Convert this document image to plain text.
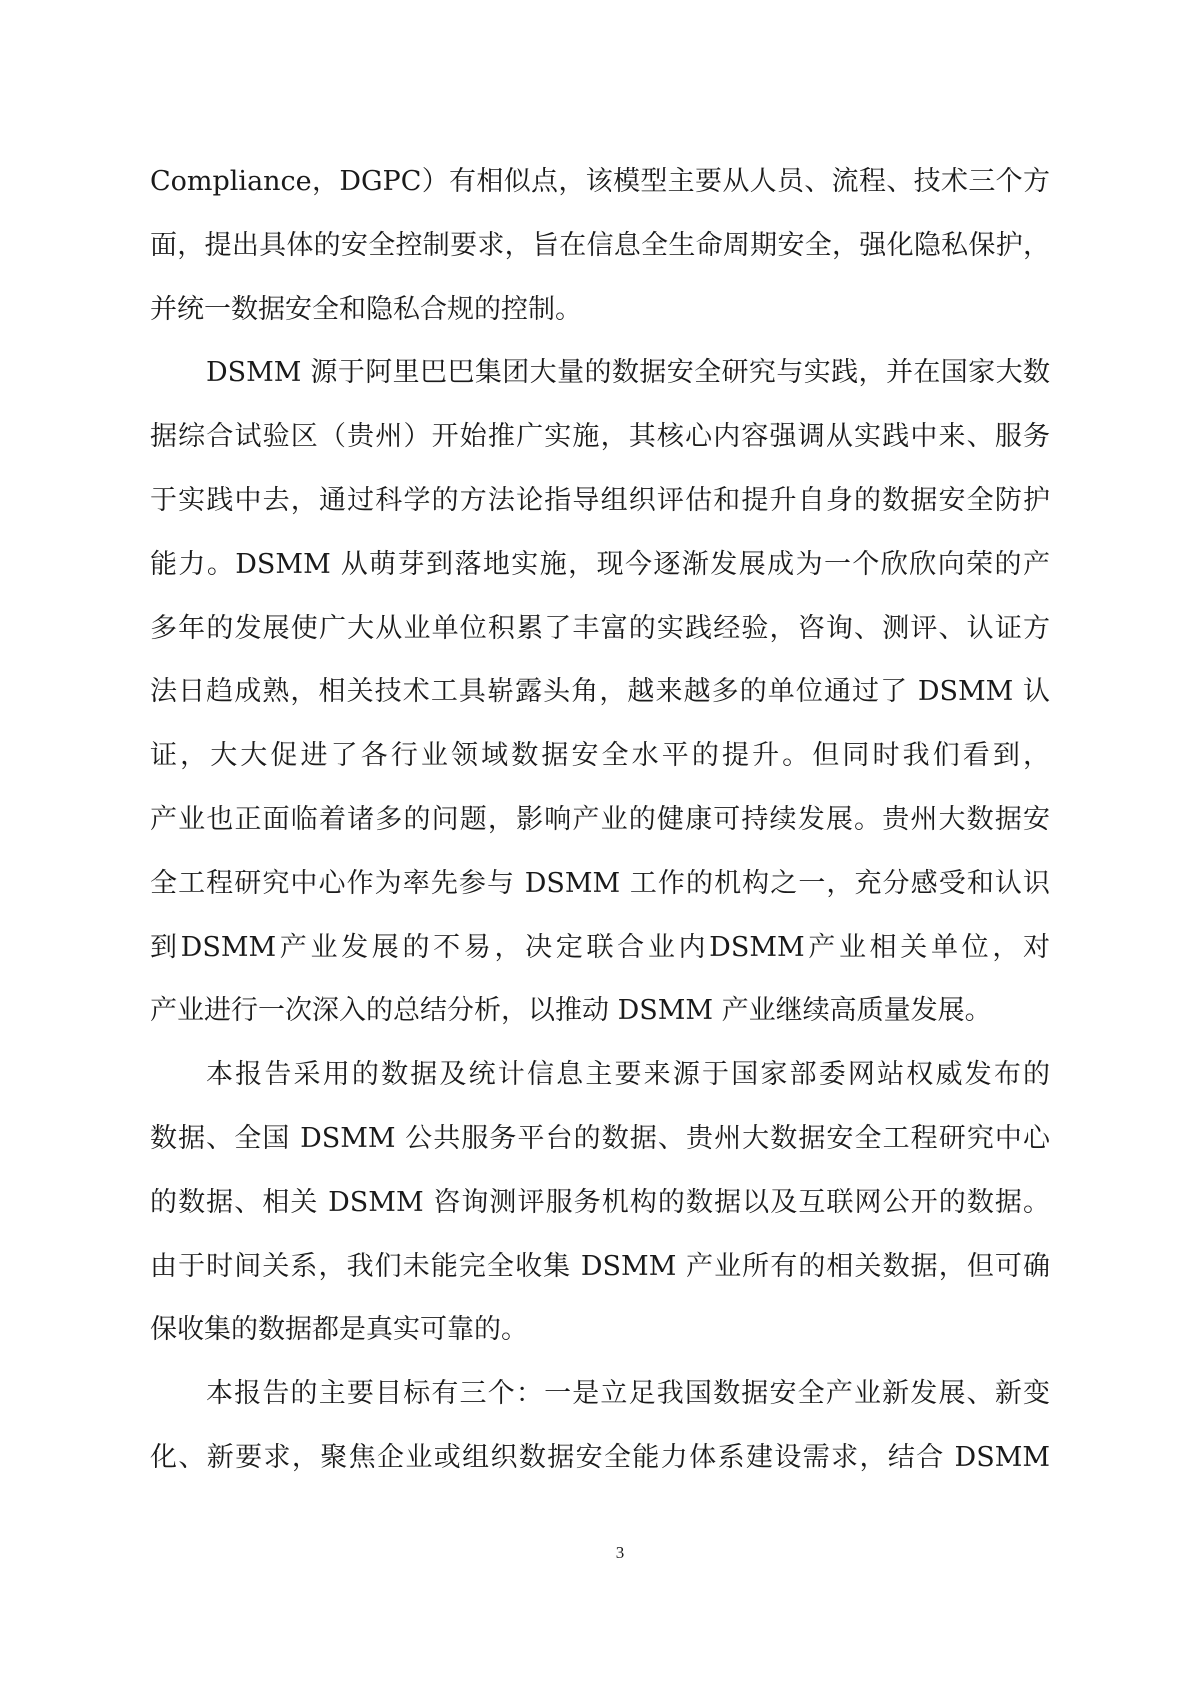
Compliance，DGPC）有相似点，该模型主要从人员、流程、技术三个方
面，提出具体的安全控制要求，旨在信息全生命周期安全，强化隐私保护，
并统一数据安全和隐私合规的控制。
DSMM 源于阿里巴巴集团大量的数据安全研究与实践，并在国家大数
据综合试验区（贵州）开始推广实施，其核心内容强调从实践中来、服务
于实践中去，通过科学的方法论指导组织评估和提升自身的数据安全防护
能力。DSMM 从萌芽到落地实施，现今逐渐发展成为一个欣欣向荣的产
多年的发展使广大从业单位积累了丰富的实践经验，咨询、测评、认证方
法日趋成熟，相关技术工具崭露头角，越来越多的单位通过了 DSMM 认
证，大大促进了各行业领域数据安全水平的提升。但同时我们看到，
产业也正面临着诸多的问题，影响产业的健康可持续发展。贵州大数据安
全工程研究中心作为率先参与 DSMM 工作的机构之一，充分感受和认识
到DSMM产业发展的不易，决定联合业内DSMM产业相关单位，对
产业进行一次深入的总结分析，以推动 DSMM 产业继续高质量发展。
本报告采用的数据及统计信息主要来源于国家部委网站权威发布的
数据、全国 DSMM 公共服务平台的数据、贵州大数据安全工程研究中心
的数据、相关 DSMM 咨询测评服务机构的数据以及互联网公开的数据。
由于时间关系，我们未能完全收集 DSMM 产业所有的相关数据，但可确
保收集的数据都是真实可靠的。
本报告的主要目标有三个：一是立足我国数据安全产业新发展、新变
化、新要求，聚焦企业或组织数据安全能力体系建设需求，结合 DSMM
3
